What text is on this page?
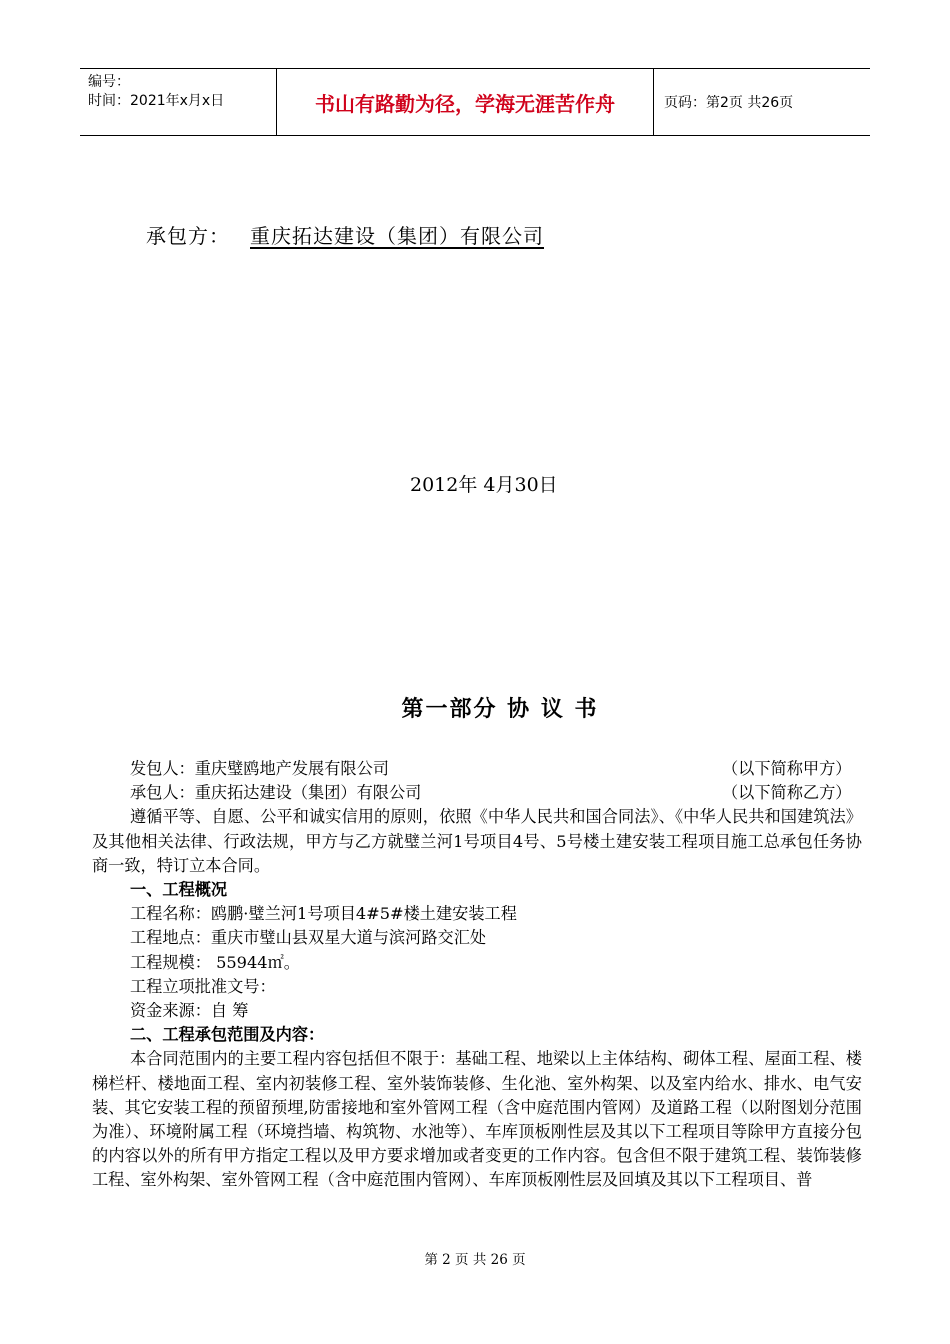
编号：
时间：2021年x月x日	书山有路勤为径，学海无涯苦作舟	页码：第2页 共26页
承包方： 重庆拓达建设（集团）有限公司
2012年 4月30日
第一部分 协 议 书

发包人：重庆璧鸥地产发展有限公司	（以下简称甲方）

承包人：重庆拓达建设（集团）有限公司	（以下简称乙方）

遵循平等、自愿、公平和诚实信用的原则，依照《中华人民共和国合同法》、《中华人民共和国建筑法》及其他相关法律、行政法规，甲方与乙方就璧兰河1号项目4号、5号楼土建安装工程项目施工总承包任务协商一致，特订立本合同。

一、工程概况

工程名称：鸥鹏·璧兰河1号项目4#5#楼土建安装工程

工程地点：重庆市璧山县双星大道与滨河路交汇处

工程规模： 55944㎡。

工程立项批准文号：

资金来源：自 筹

二、工程承包范围及内容：

本合同范围内的主要工程内容包括但不限于：基础工程、地梁以上主体结构、砌体工程、屋面工程、楼梯栏杆、楼地面工程、室内初装修工程、室外装饰装修、生化池、室外构架、以及室内给水、排水、电气安装、其它安装工程的预留预埋,防雷接地和室外管网工程（含中庭范围内管网）及道路工程（以附图划分范围为准）、环境附属工程（环境挡墙、构筑物、水池等）、车库顶板刚性层及其以下工程项目等除甲方直接分包的内容以外的所有甲方指定工程以及甲方要求增加或者变更的工作内容。包含但不限于建筑工程、装饰装修工程、室外构架、室外管网工程（含中庭范围内管网）、车库顶板刚性层及回填及其以下工程项目、普

第 2 页 共 26 页
